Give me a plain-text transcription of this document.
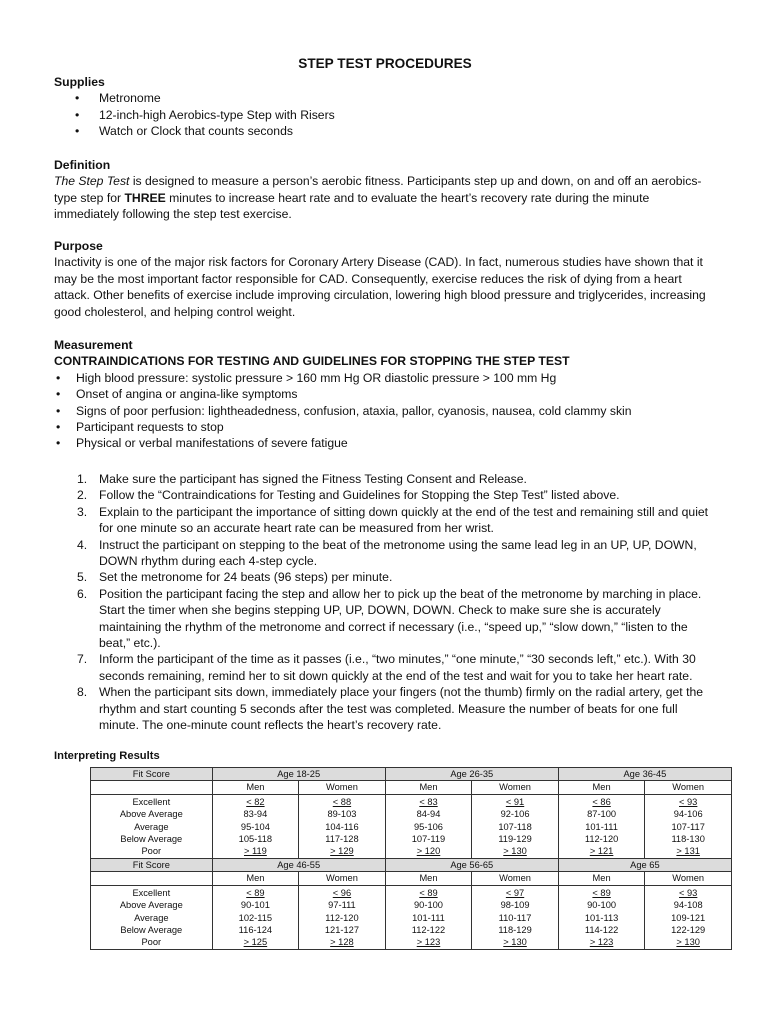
STEP TEST PROCEDURES
Supplies
• Metronome
• 12-inch-high Aerobics-type Step with Risers
• Watch or Clock that counts seconds
Definition

The Step Test is designed to measure a person’s aerobic fitness. Participants step up and down, on and off an aerobics-type step for THREE minutes to increase heart rate and to evaluate the heart’s recovery rate during the minute immediately following the step test exercise.

Purpose

Inactivity is one of the major risk factors for Coronary Artery Disease (CAD). In fact, numerous studies have shown that it may be the most important factor responsible for CAD. Consequently, exercise reduces the risk of dying from a heart attack. Other benefits of exercise include improving circulation, lowering high blood pressure and triglycerides, increasing good cholesterol, and helping control weight.

Measurement
CONTRAINDICATIONS FOR TESTING AND GUIDELINES FOR STOPPING THE STEP TEST
• High blood pressure: systolic pressure > 160 mm Hg OR diastolic pressure > 100 mm Hg
• Onset of angina or angina-like symptoms
• Signs of poor perfusion: lightheadedness, confusion, ataxia, pallor, cyanosis, nausea, cold clammy skin
• Participant requests to stop
• Physical or verbal manifestations of severe fatigue
1. Make sure the participant has signed the Fitness Testing Consent and Release.
2. Follow the “Contraindications for Testing and Guidelines for Stopping the Step Test” listed above.
3. Explain to the participant the importance of sitting down quickly at the end of the test and remaining still and quiet for one minute so an accurate heart rate can be measured from her wrist.
4. Instruct the participant on stepping to the beat of the metronome using the same lead leg in an UP, UP, DOWN, DOWN rhythm during each 4-step cycle.
5. Set the metronome for 24 beats (96 steps) per minute.
6. Position the participant facing the step and allow her to pick up the beat of the metronome by marching in place. Start the timer when she begins stepping UP, UP, DOWN, DOWN. Check to make sure she is accurately maintaining the rhythm of the metronome and correct if necessary (i.e., “speed up,” “slow down,” “listen to the beat,” etc.).
7. Inform the participant of the time as it passes (i.e., “two minutes,” “one minute,” “30 seconds left,” etc.). With 30 seconds remaining, remind her to sit down quickly at the end of the test and wait for you to take her heart rate.
8. When the participant sits down, immediately place your fingers (not the thumb) firmly on the radial artery, get the rhythm and start counting 5 seconds after the test was completed. Measure the number of beats for one full minute. The one-minute count reflects the heart’s recovery rate.
Interpreting Results
Fit Score	Age 18-25		Age 26-35		Age 36-45	
	Men	Women	Men	Women	Men	Women
Excellent	< 82	< 88	< 83	< 91	< 86	< 93
Above Average	83-94	89-103	84-94	92-106	87-100	94-106
Average	95-104	104-116	95-106	107-118	101-111	107-117
Below Average	105-118	117-128	107-119	119-129	112-120	118-130
Poor	> 119	> 129	> 120	> 130	> 121	> 131
Fit Score	Age 46-55		Age 56-65		Age 65	
	Men	Women	Men	Women	Men	Women
Excellent	< 89	< 96	< 89	< 97	< 89	< 93
Above Average	90-101	97-111	90-100	98-109	90-100	94-108
Average	102-115	112-120	101-111	110-117	101-113	109-121
Below Average	116-124	121-127	112-122	118-129	114-122	122-129
Poor	> 125	> 128	> 123	> 130	> 123	> 130
